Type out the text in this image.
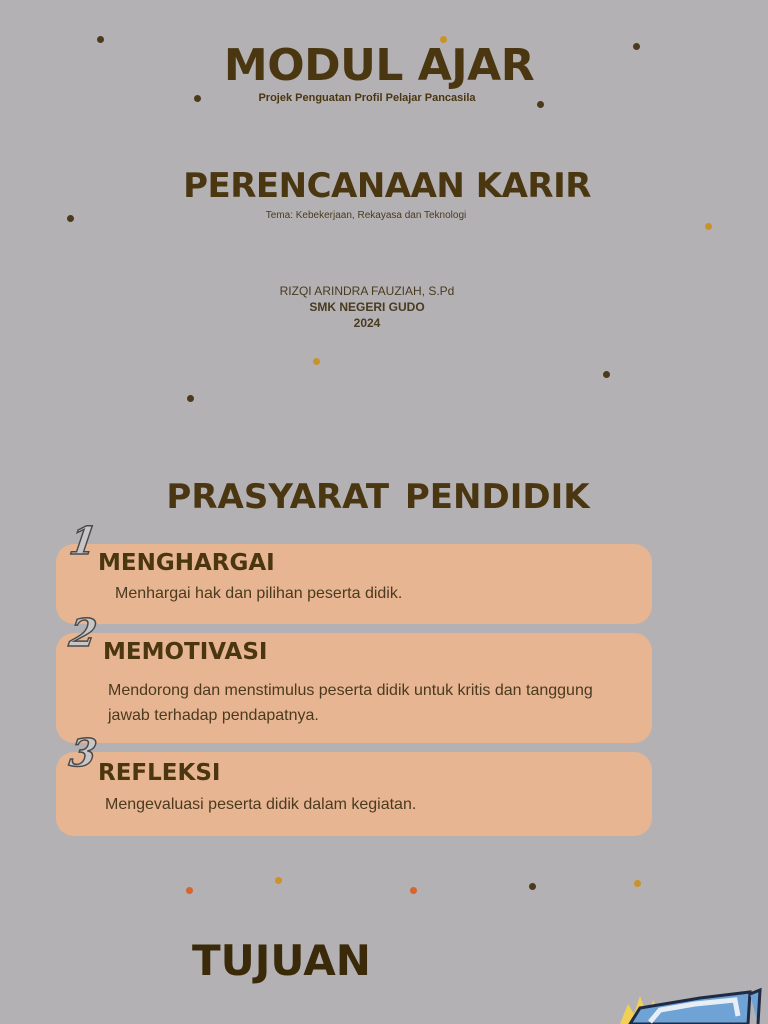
MODUL AJAR
Projek Penguatan Profil Pelajar Pancasila
PERENCANAAN KARIR
Tema: Kebekerjaan, Rekayasa dan Teknologi
RIZQI ARINDRA FAUZIAH, S.Pd
SMK NEGERI GUDO
2024
PRASYARAT PENDIDIK
MENGHARGAI
Menhargai hak dan pilihan peserta didik.
1
MEMOTIVASI
Mendorong dan menstimulus peserta didik untuk kritis dan tanggung jawab terhadap pendapatnya.
2
REFLEKSI
Mengevaluasi peserta didik dalam kegiatan.
3
TUJUAN
